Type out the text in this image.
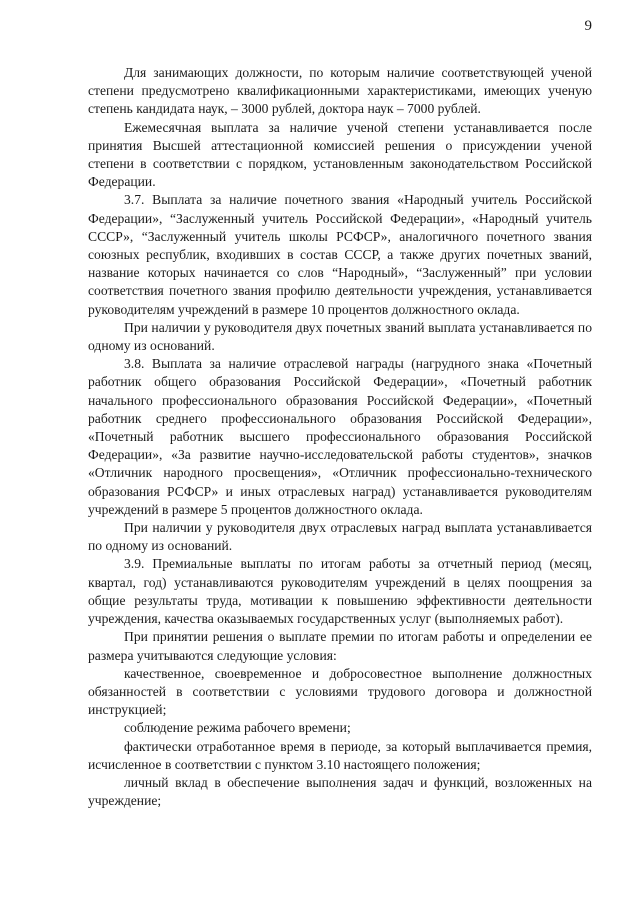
9

Для занимающих должности, по которым наличие соответствующей ученой степени предусмотрено квалификационными характеристиками, имеющих ученую степень кандидата наук, – 3000 рублей, доктора наук – 7000 рублей.

Ежемесячная выплата за наличие ученой степени устанавливается после принятия Высшей аттестационной комиссией решения о присуждении ученой степени в соответствии с порядком, установленным законодательством Российской Федерации.

3.7. Выплата за наличие почетного звания «Народный учитель Российской Федерации», “Заслуженный учитель Российской Федерации», «Народный учитель СССР», “Заслуженный учитель школы РСФСР», аналогичного почетного звания союзных республик, входивших в состав СССР, а также других почетных званий, название которых начинается со слов “Народный», “Заслуженный” при условии соответствия почетного звания профилю деятельности учреждения, устанавливается руководителям учреждений в размере 10 процентов должностного оклада.

При наличии у руководителя двух почетных званий выплата устанавливается по одному из оснований.

3.8. Выплата за наличие отраслевой награды (нагрудного знака «Почетный работник общего образования Российской Федерации», «Почетный работник начального профессионального образования Российской Федерации», «Почетный работник среднего профессионального образования Российской Федерации», «Почетный работник высшего профессионального образования Российской Федерации», «За развитие научно-исследовательской работы студентов», значков «Отличник народного просвещения», «Отличник профессионально-технического образования РСФСР» и иных отраслевых наград) устанавливается руководителям учреждений в размере 5 процентов должностного оклада.

При наличии у руководителя двух отраслевых наград выплата устанавливается по одному из оснований.

3.9. Премиальные выплаты по итогам работы за отчетный период (месяц, квартал, год) устанавливаются руководителям учреждений в целях поощрения за общие результаты труда, мотивации к повышению эффективности деятельности учреждения, качества оказываемых государственных услуг (выполняемых работ).

При принятии решения о выплате премии по итогам работы и определении ее размера учитываются следующие условия:

качественное, своевременное и добросовестное выполнение должностных обязанностей в соответствии с условиями трудового договора и должностной инструкцией;

соблюдение режима рабочего времени;

фактически отработанное время в периоде, за который выплачивается премия, исчисленное в соответствии с пунктом 3.10 настоящего положения;

личный вклад в обеспечение выполнения задач и функций, возложенных на учреждение;
